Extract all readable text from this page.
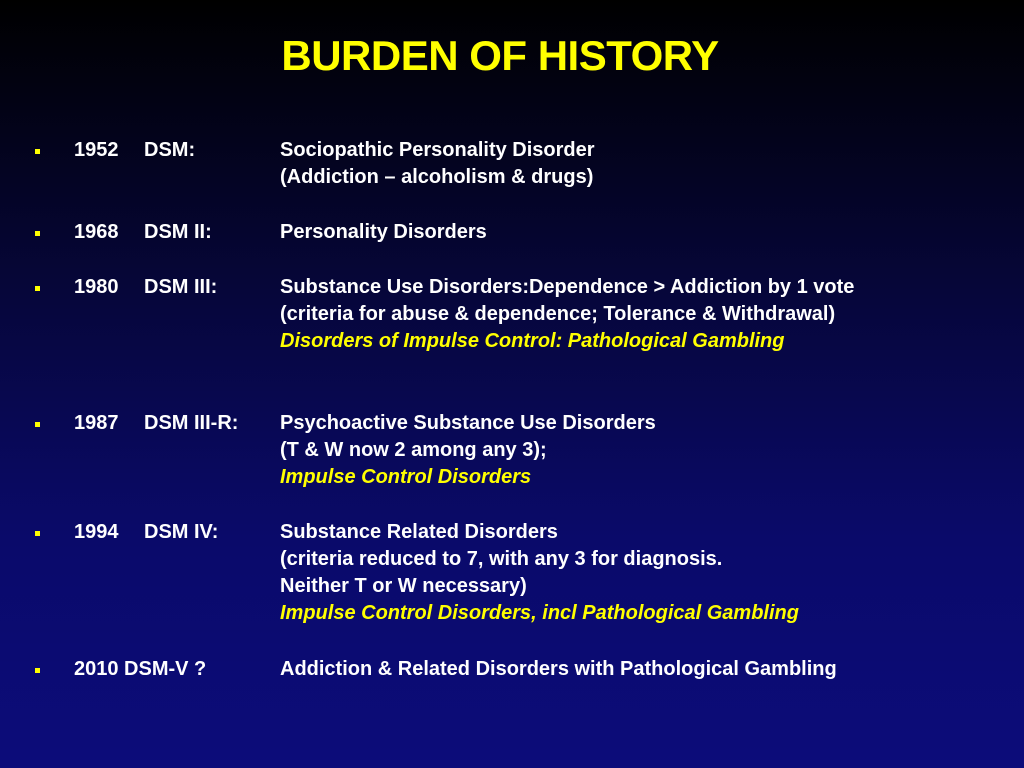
BURDEN OF HISTORY
1952 DSM:	Sociopathic Personality Disorder
(Addiction – alcoholism & drugs)
1968 DSM II:	Personality Disorders
1980 DSM III:	Substance Use Disorders:Dependence > Addiction by 1 vote
(criteria for abuse & dependence; Tolerance & Withdrawal)
Disorders of Impulse Control: Pathological Gambling
1987 DSM III-R: Psychoactive Substance Use Disorders
(T & W now 2 among any 3);
Impulse Control Disorders
1994 DSM IV:	Substance Related Disorders
(criteria reduced to 7, with any 3 for diagnosis.
Neither T or W necessary)
Impulse Control Disorders, incl Pathological Gambling
2010 DSM-V ?	Addiction & Related Disorders with Pathological Gambling
